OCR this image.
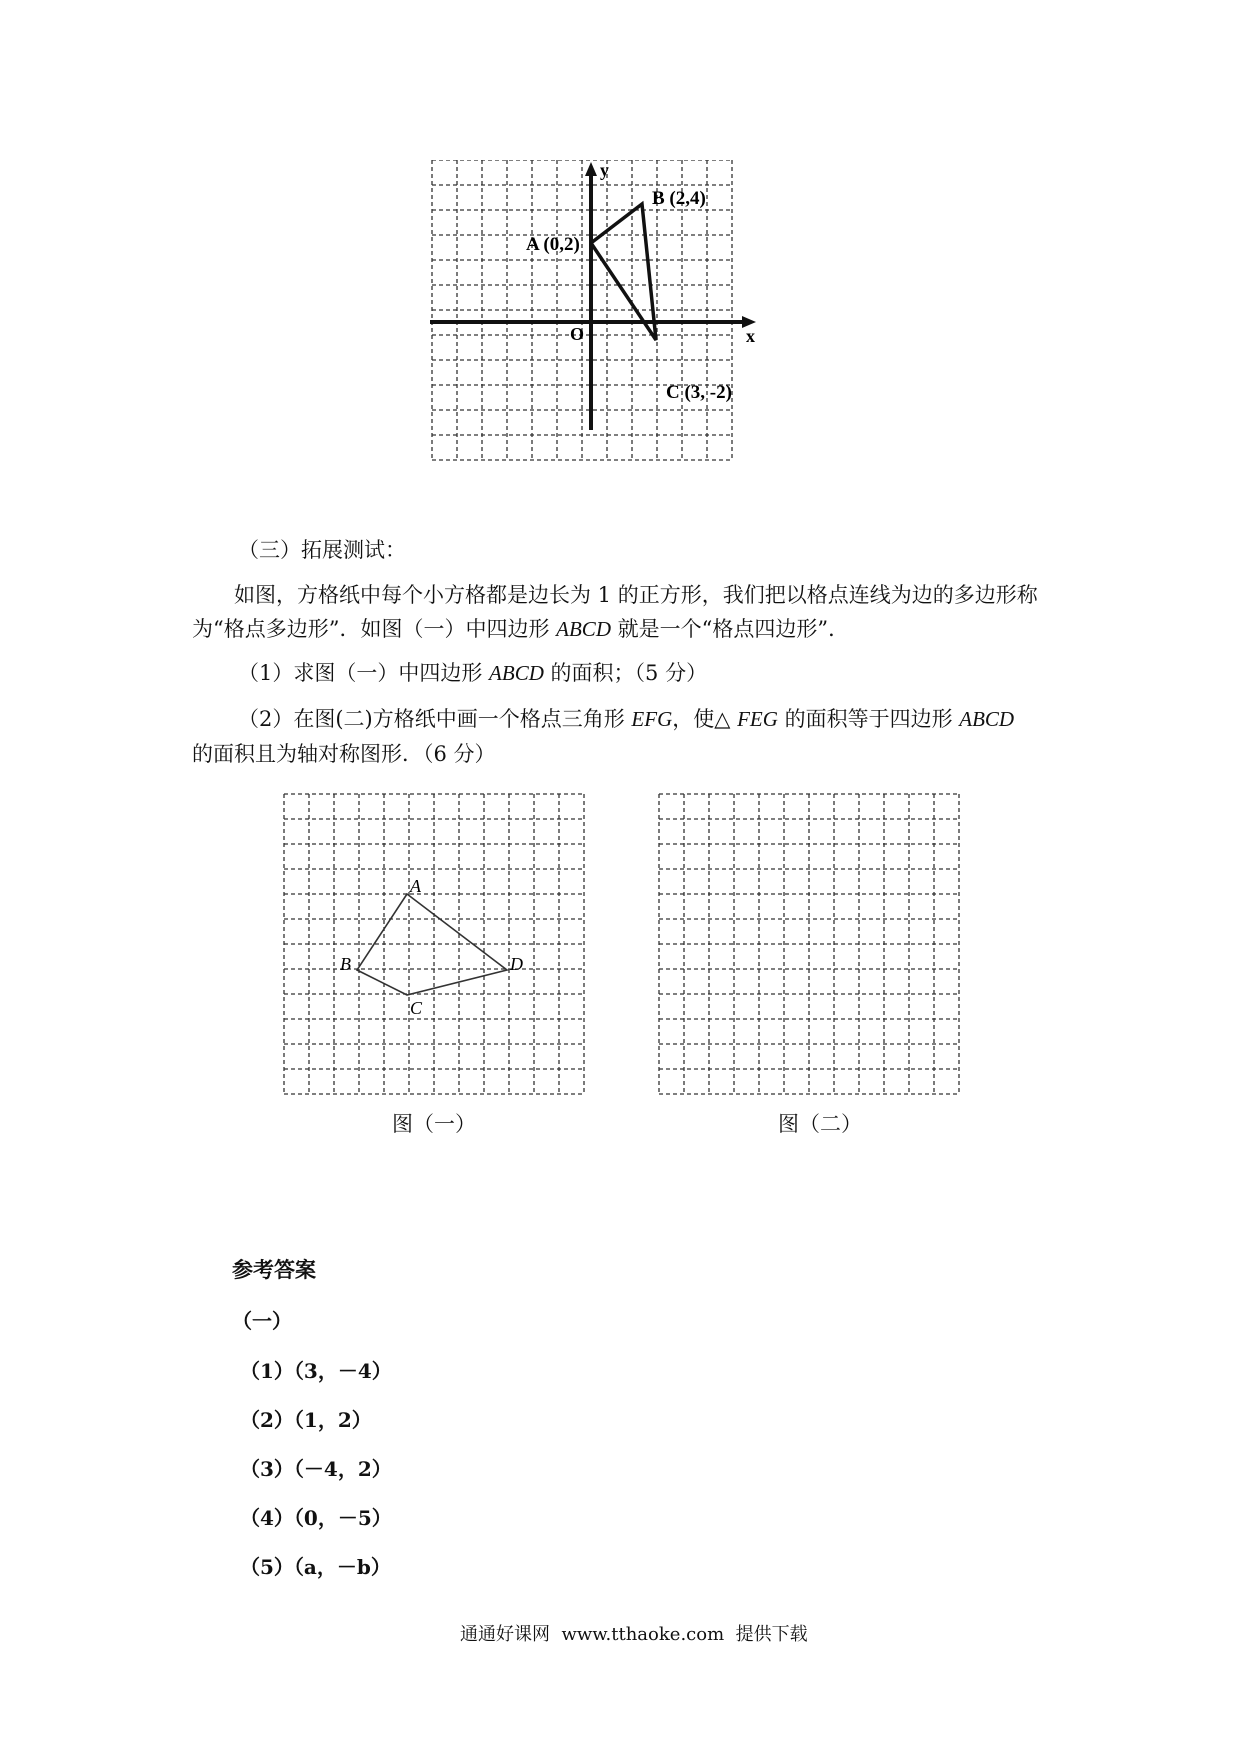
x
y
O
A (0,2)
B (2,4)
C (3, -2)
（三）拓展测试：
如图，方格纸中每个小方格都是边长为 1 的正方形，我们把以格点连线为边的多边形称
为“格点多边形”．如图（一）中四边形 ABCD 就是一个“格点四边形”．
（1）求图（一）中四边形 ABCD 的面积；（5 分）
（2）在图(二)方格纸中画一个格点三角形 EFG，使△ FEG 的面积等于四边形 ABCD
的面积且为轴对称图形．（6 分）
A
B
C
D
图（一）	图（二）
参考答案
（一）
（1）（3，－4）
（2）（1，2）
（3）（－4，2）
（4）（0，－5）
（5）（a，－b）
通通好课网  www.tthaoke.com  提供下载
